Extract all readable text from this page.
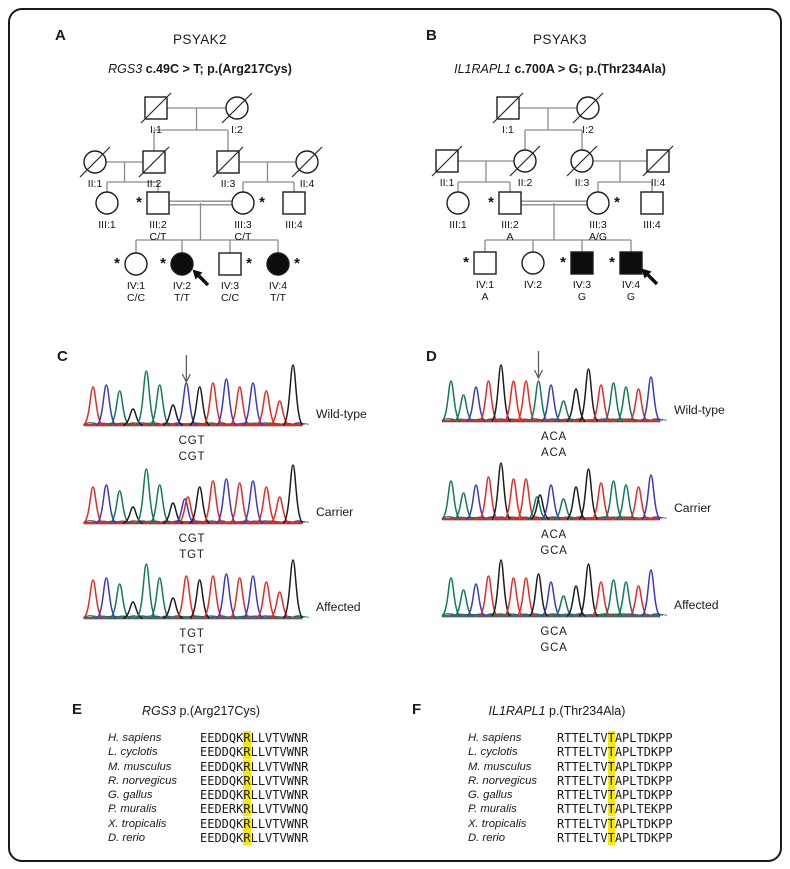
A	PSYAK2
RGS3 c.49C > T; p.(Arg217Cys)
B	PSYAK3
IL1RAPL1 c.700A > G; p.(Thr234Ala)
I:1	I:2
II:1	II:2	II:3	II:4
III:1	III:2
C/T
*
III:3
C/T
*
III:4
IV:1
C/C
*
IV:2
T/T
*
IV:3
C/C
*
IV:4
T/T
*
I:1	I:2
II:1	II:2	II:3	II:4
III:1	III:2
A
*
III:3
A/G
*
III:4
IV:1
A
*
IV:2	IV:3
G
*
IV:4
G
*
C
Wild-type
CGT
CGT
Carrier
CGT
TGT
Affected
TGT
TGT
D
Wild-type
ACA
ACA
Carrier
ACA
GCA
Affected
GCA
GCA
E	RGS3 p.(Arg217Cys)
H. sapiens	$^{EEDDQKRLLVTVWNR}$
L. cyclotis	$^{EEDDQKRLLVTVWNR}$
M. musculus $^{EEDDQKRLLVTVWNR}$
R. norvegicus $^{EEDDQKRLLVTVWNR}$
G. gallus	$^{EEDDQKRLLVTVWNR}$
P. muralis	$^{EEDERKRLLVTVWNQ}$
X. tropicalis	$^{EEDDQKRLLVTVWNR}$
D. rerio	$^{EEDDQKRLLVTVWNR}$
F	IL1RAPL1 p.(Thr234Ala)
H. sapiens	$^{RTTELTVTAPLTDKPP}$
L. cyclotis	$^{RTTELTVTAPLTDKPP}$
M. musculus $^{RTTELTVTAPLTDKPP}$
R. norvegicus $^{RTTELTVTAPLTDKPP}$
G. gallus	$^{RTTELTVTAPLTDKPP}$
P. muralis	$^{RTTELTVTAPLTEKPP}$
X. tropicalis	$^{RTTELTVTAPLTDKPP}$
D. rerio	$^{RTTELTVTAPLTDKPP}$
